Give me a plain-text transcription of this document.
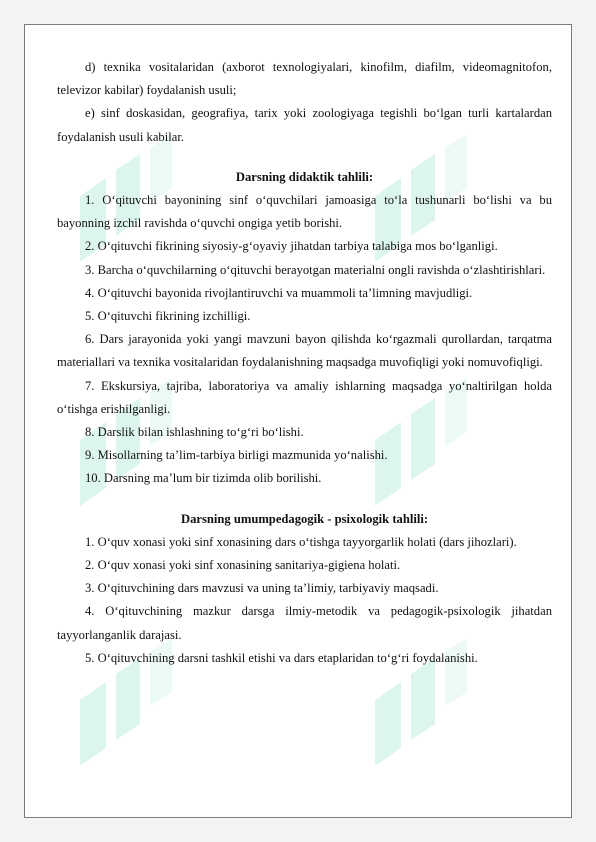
d) texnika vositalaridan (axborot texnologiyalari, kinofilm, diafilm, videomagnitofon, televizor kabilar) foydalanish usuli;

e) sinf doskasidan, geografiya, tarix yoki zoologiyaga tegishli bo‘lgan turli kartalardan foydalanish usuli kabilar.

Darsning didaktik tahlili:

1. O‘qituvchi bayonining sinf o‘quvchilari jamoasiga to‘la tushunarli bo‘lishi va bu bayonning izchil ravishda o‘quvchi ongiga yetib borishi.

2. O‘qituvchi fikrining siyosiy-g‘oyaviy jihatdan tarbiya talabiga mos bo‘lganligi.

3. Barcha o‘quvchilarning o‘qituvchi berayotgan materialni ongli ravishda o‘zlashtirishlari.

4. O‘qituvchi bayonida rivojlantiruvchi va muammoli ta’limning mavjudligi.

5. O‘qituvchi fikrining izchilligi.

6. Dars jarayonida yoki yangi mavzuni bayon qilishda ko‘rgazmali qurollardan, tarqatma materiallari va texnika vositalaridan foydalanishning maqsadga muvofiqligi yoki nomuvofiqligi.

7. Ekskursiya, tajriba, laboratoriya va amaliy ishlarning maqsadga yo‘naltirilgan holda o‘tishga erishilganligi.

8. Darslik bilan ishlashning to‘g‘ri bo‘lishi.

9. Misollarning ta’lim-tarbiya birligi mazmunida yo‘nalishi.

10. Darsning ma’lum bir tizimda olib borilishi.

Darsning umumpedagogik - psixologik tahlili:

1. O‘quv xonasi yoki sinf xonasining dars o‘tishga tayyorgarlik holati (dars jihozlari).

2. O‘quv xonasi yoki sinf xonasining sanitariya-gigiena holati.

3. O‘qituvchining dars mavzusi va uning ta’limiy, tarbiyaviy maqsadi.

4. O‘qituvchining mazkur darsga ilmiy-metodik va pedagogik-psixologik jihatdan tayyorlanganlik darajasi.

5. O‘qituvchining darsni tashkil etishi va dars etaplaridan to‘g‘ri foydalanishi.
